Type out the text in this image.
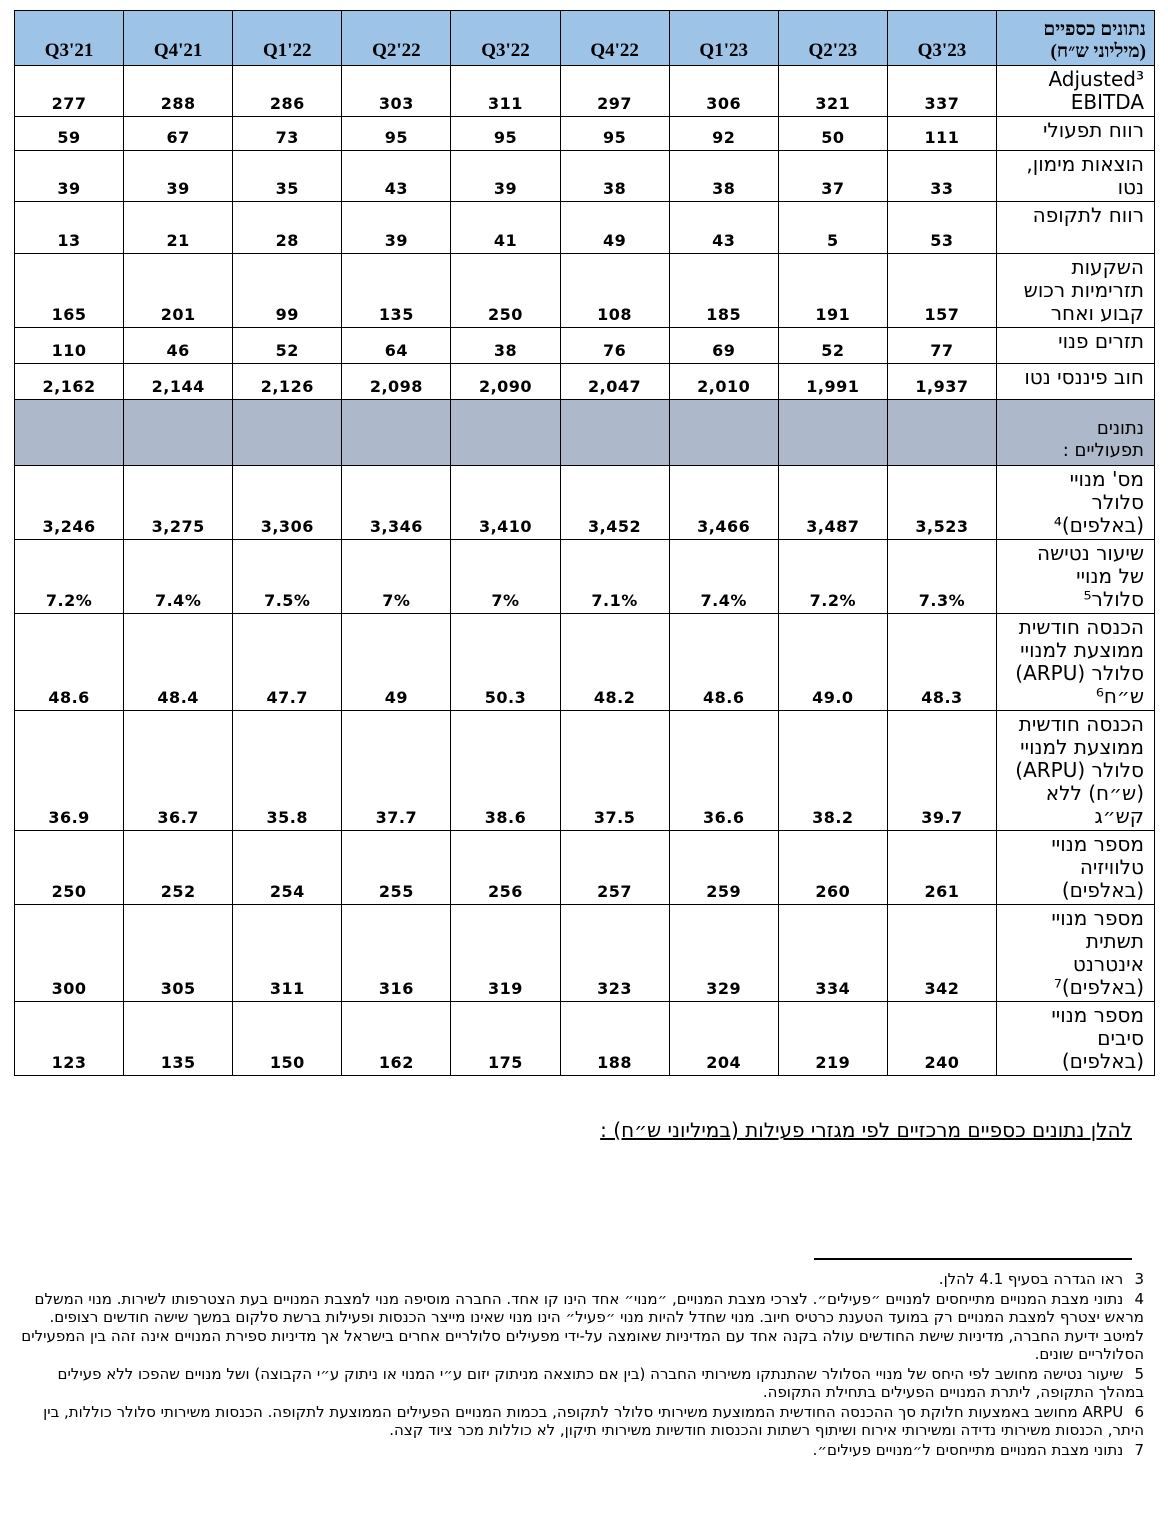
Q3'21	Q4'21	Q1'22	Q2'22	Q3'22	Q4'22	Q1'23	Q2'23	Q3'23	נתונים כספיים
(מיליוני ש״ח)

277	288	286	303	311	297	306	321	337	Adjusted³
EBITDA

59	67	73	95	95	95	92	50	111	רווח תפעולי

39	39	35	43	39	38	38	37	33	הוצאות מימון,
נטו

13	21	28	39	41	49	43	5	53	רווח לתקופה

165	201	99	135	250	108	185	191	157	השקעות
תזרימיות רכוש
קבוע ואחר

110	46	52	64	38	76	69	52	77	תזרים פנוי

2,162	2,144	2,126	2,098	2,090	2,047	2,010	1,991	1,937	חוב פיננסי נטו

									נתונים
תפעוליים :

3,246	3,275	3,306	3,346	3,410	3,452	3,466	3,487	3,523	מס' מנויי
סלולר
(באלפים)⁴

7.2%	7.4%	7.5%	7%	7%	7.1%	7.4%	7.2%	7.3%	שיעור נטישה
של מנויי
סלולר⁵

48.6	48.4	47.7	49	50.3	48.2	48.6	49.0	48.3	הכנסה חודשית
ממוצעת למנויי
סלולר (ARPU)
ש״ח⁶

36.9	36.7	35.8	37.7	38.6	37.5	36.6	38.2	39.7	הכנסה חודשית
ממוצעת למנויי
סלולר (ARPU)
(ש״ח) ללא
קש״ג

250	252	254	255	256	257	259	260	261	מספר מנויי
טלוויזיה
(באלפים)

300	305	311	316	319	323	329	334	342	מספר מנויי
תשתית
אינטרנט
(באלפים)⁷

123	135	150	162	175	188	204	219	240	מספר מנויי
סיבים
(באלפים)
להלן נתונים כספיים מרכזיים לפי מגזרי פעילות (במיליוני ש״ח) :
3 ראו הגדרה בסעיף 4.1 להלן.
4 נתוני מצבת המנויים מתייחסים למנויים ״פעילים״. לצרכי מצבת המנויים, ״מנוי״ אחד הינו קו אחד. החברה מוסיפה מנוי למצבת המנויים בעת הצטרפותו לשירות. מנוי המשלם מראש יצטרף למצבת המנויים רק במועד הטענת כרטיס חיוב. מנוי שחדל להיות מנוי ״פעיל״ הינו מנוי שאינו מייצר הכנסות ופעילות ברשת סלקום במשך שישה חודשים רצופים. למיטב ידיעת החברה, מדיניות שישת החודשים עולה בקנה אחד עם המדיניות שאומצה על-ידי מפעילים סלולריים אחרים בישראל אך מדיניות ספירת המנויים אינה זהה בין המפעילים הסלולריים שונים.
5 שיעור נטישה מחושב לפי היחס של מנויי הסלולר שהתנתקו משירותי החברה (בין אם כתוצאה מניתוק יזום ע״י המנוי או ניתוק ע״י הקבוצה) ושל מנויים שהפכו ללא פעילים במהלך התקופה, ליתרת המנויים הפעילים בתחילת התקופה.
6 ARPU מחושב באמצעות חלוקת סך ההכנסה החודשית הממוצעת משירותי סלולר לתקופה, בכמות המנויים הפעילים הממוצעת לתקופה. הכנסות משירותי סלולר כוללות, בין היתר, הכנסות משירותי נדידה ומשירותי אירוח ושיתוף רשתות והכנסות חודשיות משירותי תיקון, לא כוללות מכר ציוד קצה.
7 נתוני מצבת המנויים מתייחסים ל״מנויים פעילים״.
